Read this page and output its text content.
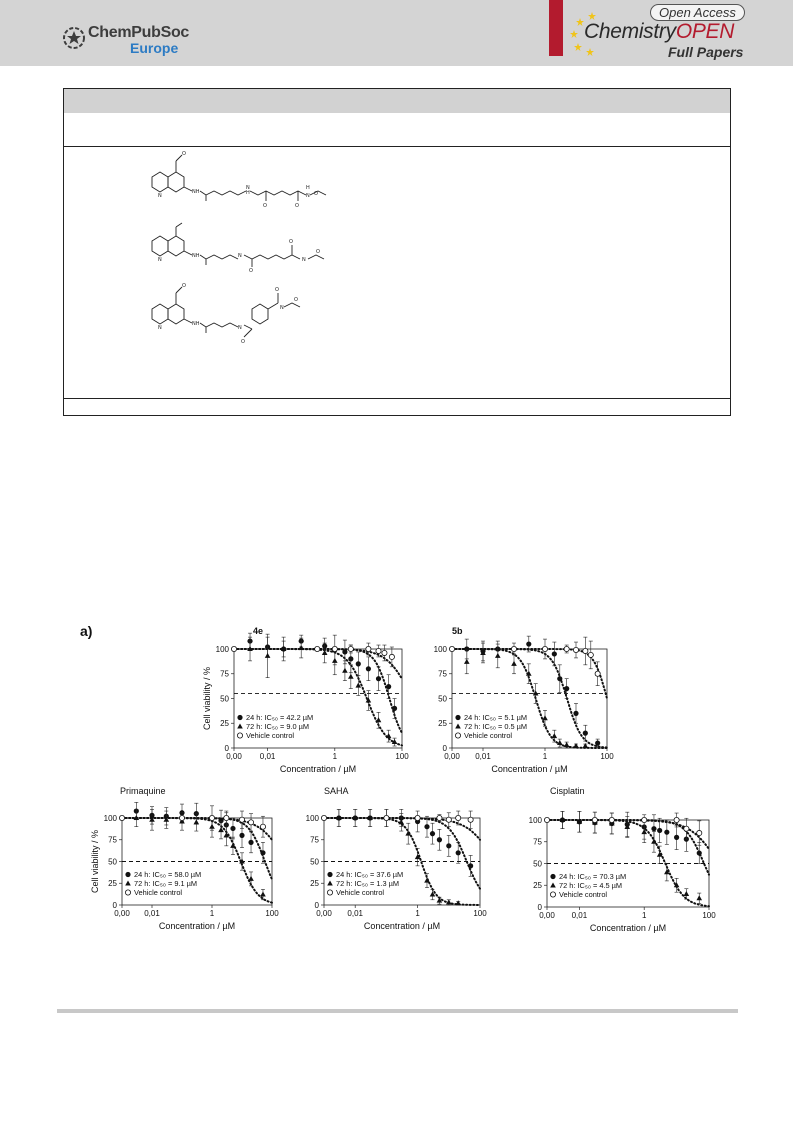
ChemPubSoc
Europe
Open Access
ChemistryOPEN
Full Papers
O
NH
N	H
N
O	O
H
N O
NH
N
N
O
O
N
O
O
NH
N	N
O
O
N
O
a)	4e
0
25
50
75
100
0,00 0,01	1	100
Concentration / µM
Cell viability / %	24 h: IC₅₀ = 42.2 µM
72 h: IC₅₀ = 9.0 µM
Vehicle control
5b
0
25
50
75
100
0,00 0,01	1	100
Concentration / µM
24 h: IC₅₀ = 5.1 µM
72 h: IC₅₀ = 0.5 µM
Vehicle control
Primaquine
0
25
50
75
100
0,00 0,01	1	100
Concentration / µM
Cell viability / %	24 h: IC₅₀ = 58.0 µM
72 h: IC₅₀ = 9.1 µM
Vehicle control
SAHA
0
25
50
75
100
0,00 0,01	1	100
Concentration / µM
24 h: IC₅₀ = 37.6 µM
72 h: IC₅₀ = 1.3 µM
Vehicle control
Cisplatin
0
25
50
75
100
0,00 0,01	1	100
Concentration / µM
24 h: IC₅₀ = 70.3 µM
72 h: IC₅₀ = 4.5 µM
Vehicle control
